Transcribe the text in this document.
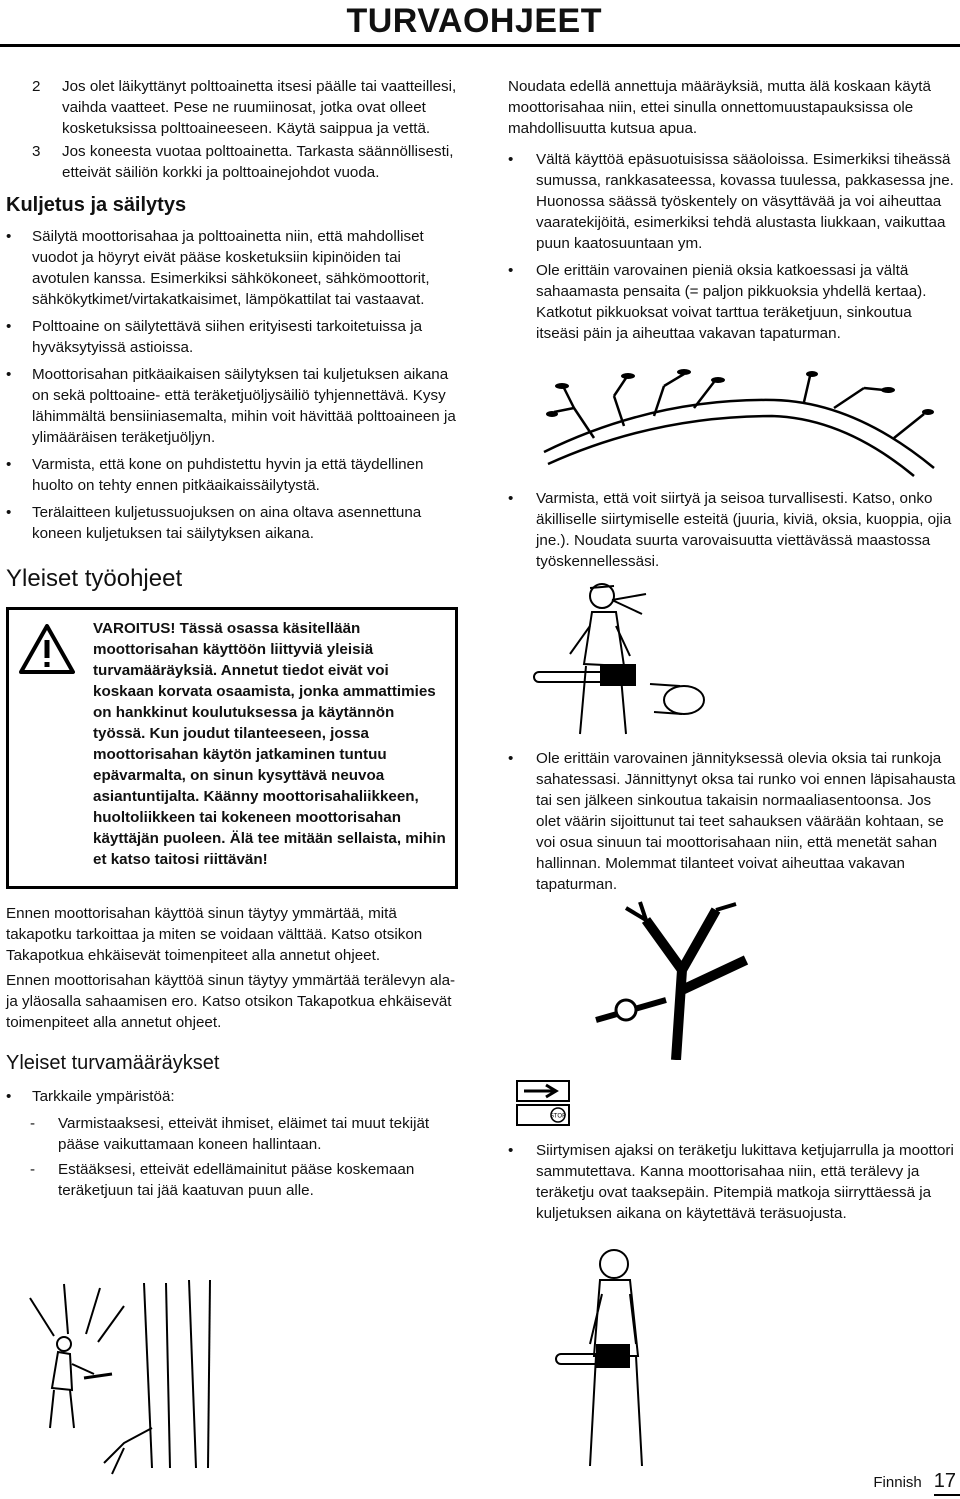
TURVAOHJEET
2	Jos olet läikyttänyt polttoainetta itsesi päälle tai vaatteillesi, vaihda vaatteet. Pese ne ruumiinosat, jotka ovat olleet kosketuksissa polttoaineeseen. Käytä saippua ja vettä.
3	Jos koneesta vuotaa polttoainetta. Tarkasta säännöllisesti, etteivät säiliön korkki ja polttoainejohdot vuoda.
Kuljetus ja säilytys
•	Säilytä moottorisahaa ja polttoainetta niin, että mahdolliset vuodot ja höyryt eivät pääse kosketuksiin kipinöiden tai avotulen kanssa. Esimerkiksi sähkökoneet, sähkömoottorit, sähkökytkimet/virtakatkaisimet, lämpökattilat tai vastaavat.
•	Polttoaine on säilytettävä siihen erityisesti tarkoitetuissa ja hyväksytyissä astioissa.
•	Moottorisahan pitkäaikaisen säilytyksen tai kuljetuksen aikana on sekä polttoaine- että teräketjuöljysäiliö tyhjennettävä. Kysy lähimmältä bensiiniasemalta, mihin voit hävittää polttoaineen ja ylimääräisen teräketjuöljyn.
•	Varmista, että kone on puhdistettu hyvin ja että täydellinen huolto on tehty ennen pitkäaikaissäilytystä.
•	Terälaitteen kuljetussuojuksen on aina oltava asennettuna koneen kuljetuksen tai säilytyksen aikana.
Yleiset työohjeet
VAROITUS! Tässä osassa käsitellään moottorisahan käyttöön liittyviä yleisiä turvamääräyksiä. Annetut tiedot eivät voi koskaan korvata osaamista, jonka ammattimies on hankkinut koulutuksessa ja käytännön työssä. Kun joudut tilanteeseen, jossa moottorisahan käytön jatkaminen tuntuu epävarmalta, on sinun kysyttävä neuvoa asiantuntijalta. Käänny moottorisahaliikkeen, huoltoliikkeen tai kokeneen moottorisahan käyttäjän puoleen. Älä tee mitään sellaista, mihin et katso taitosi riittävän!

Ennen moottorisahan käyttöä sinun täytyy ymmärtää, mitä takapotku tarkoittaa ja miten se voidaan välttää. Katso otsikon Takapotkua ehkäisevät toimenpiteet alla annetut ohjeet.

Ennen moottorisahan käyttöä sinun täytyy ymmärtää terälevyn ala- ja yläosalla sahaamisen ero. Katso otsikon Takapotkua ehkäisevät toimenpiteet alla annetut ohjeet.

Yleiset turvamääräykset
•	Tarkkaile ympäristöä:
-	Varmistaaksesi, etteivät ihmiset, eläimet tai muut tekijät pääse vaikuttamaan koneen hallintaan.
-	Estääksesi, etteivät edellämainitut pääse koskemaan teräketjuun tai jää kaatuvan puun alle.

Noudata edellä annettuja määräyksiä, mutta älä koskaan käytä moottorisahaa niin, ettei sinulla onnettomuustapauksissa ole mahdollisuutta kutsua apua.

•	Vältä käyttöä epäsuotuisissa sääoloissa. Esimerkiksi tiheässä sumussa, rankkasateessa, kovassa tuulessa, pakkasessa jne. Huonossa säässä työskentely on väsyttävää ja voi aiheuttaa vaaratekijöitä, esimerkiksi tehdä alustasta liukkaan, vaikuttaa puun kaatosuuntaan ym.
•	Ole erittäin varovainen pieniä oksia katkoessasi ja vältä sahaamasta pensaita (= paljon pikkuoksia yhdellä kertaa). Katkotut pikkuoksat voivat tarttua teräketjuun, sinkoutua itseäsi päin ja aiheuttaa vakavan tapaturman.
•	Varmista, että voit siirtyä ja seisoa turvallisesti. Katso, onko äkilliselle siirtymiselle esteitä (juuria, kiviä, oksia, kuoppia, ojia jne.). Noudata suurta varovaisuutta viettävässä maastossa työskennellessäsi.
•	Ole erittäin varovainen jännityksessä olevia oksia tai runkoja sahatessasi. Jännittynyt oksa tai runko voi ennen läpisahausta tai sen jälkeen sinkoutua takaisin normaaliasentoonsa. Jos olet väärin sijoittunut tai teet sahauksen väärään kohtaan, se voi osua sinuun tai moottorisahaan niin, että menetät sahan hallinnan. Molemmat tilanteet voivat aiheuttaa vakavan tapaturman.
STOP
•	Siirtymisen ajaksi on teräketju lukittava ketjujarrulla ja moottori sammutettava. Kanna moottorisahaa niin, että terälevy ja teräketju ovat taaksepäin. Pitempiä matkoja siirryttäessä ja kuljetuksen aikana on käytettävä teräsuojusta.
Finnish 17
